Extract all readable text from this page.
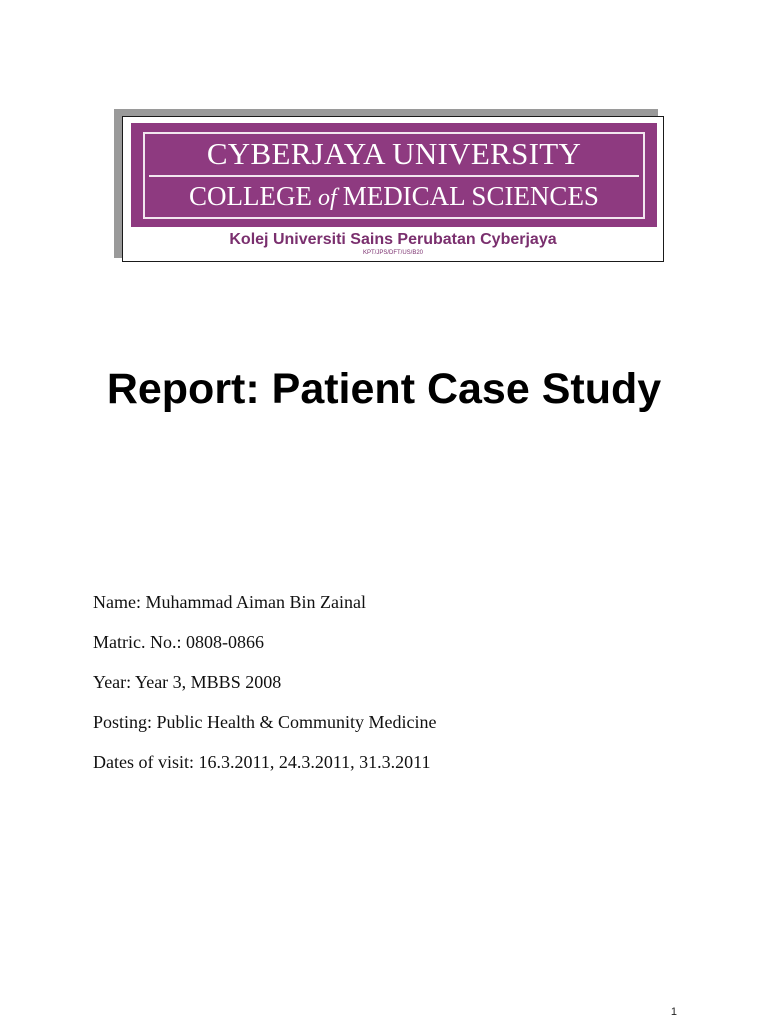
CYBERJAYA UNIVERSITY
COLLEGE of MEDICAL SCIENCES
Kolej Universiti Sains Perubatan Cyberjaya
KPT/JPS/DFT/US/B20
Report: Patient Case Study
Name: Muhammad Aiman Bin Zainal
Matric. No.: 0808-0866
Year: Year 3, MBBS 2008
Posting: Public Health & Community Medicine
Dates of visit: 16.3.2011, 24.3.2011, 31.3.2011
1
